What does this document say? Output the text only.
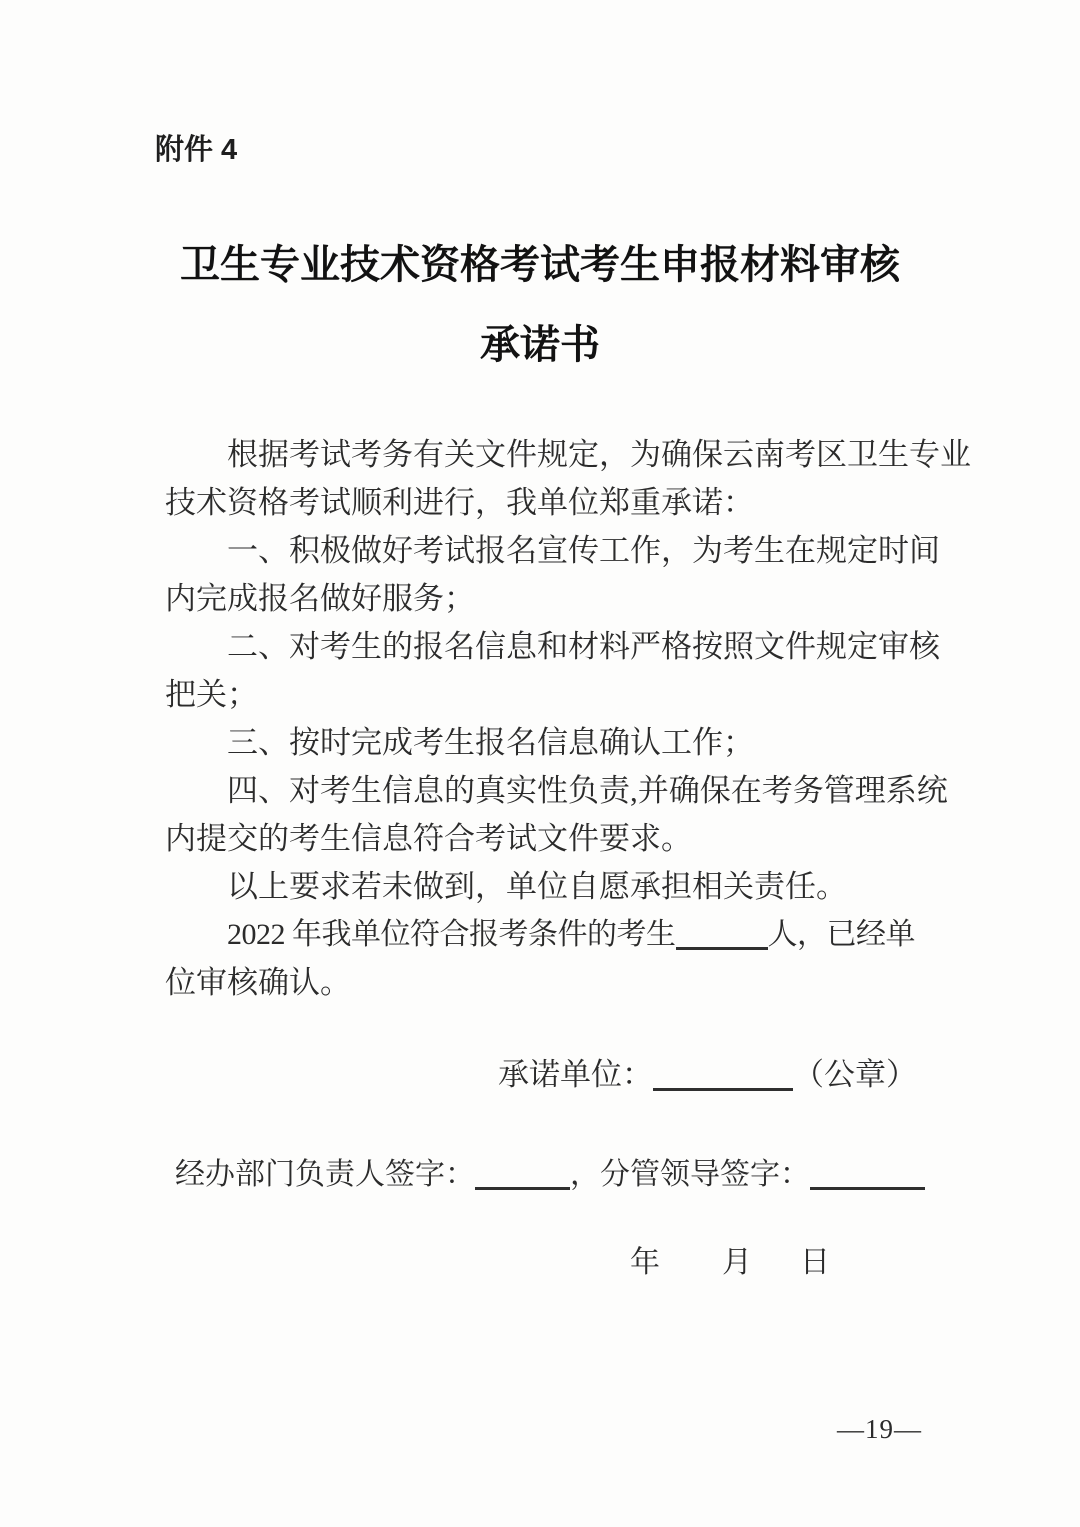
附件 4
卫生专业技术资格考试考生申报材料审核
承诺书

根据考试考务有关文件规定，为确保云南考区卫生专业

技术资格考试顺利进行，我单位郑重承诺：

一、积极做好考试报名宣传工作，为考生在规定时间

内完成报名做好服务；

二、对考生的报名信息和材料严格按照文件规定审核

把关；

三、按时完成考生报名信息确认工作；

四、对考生信息的真实性负责,并确保在考务管理系统

内提交的考生信息符合考试文件要求。

以上要求若未做到，单位自愿承担相关责任。

2022 年我单位符合报考条件的考生	人，已经单

位审核确认。

承诺单位：	（公章）
经办部门负责人签字：	，分管领导签字：
年 月 日
—19—
